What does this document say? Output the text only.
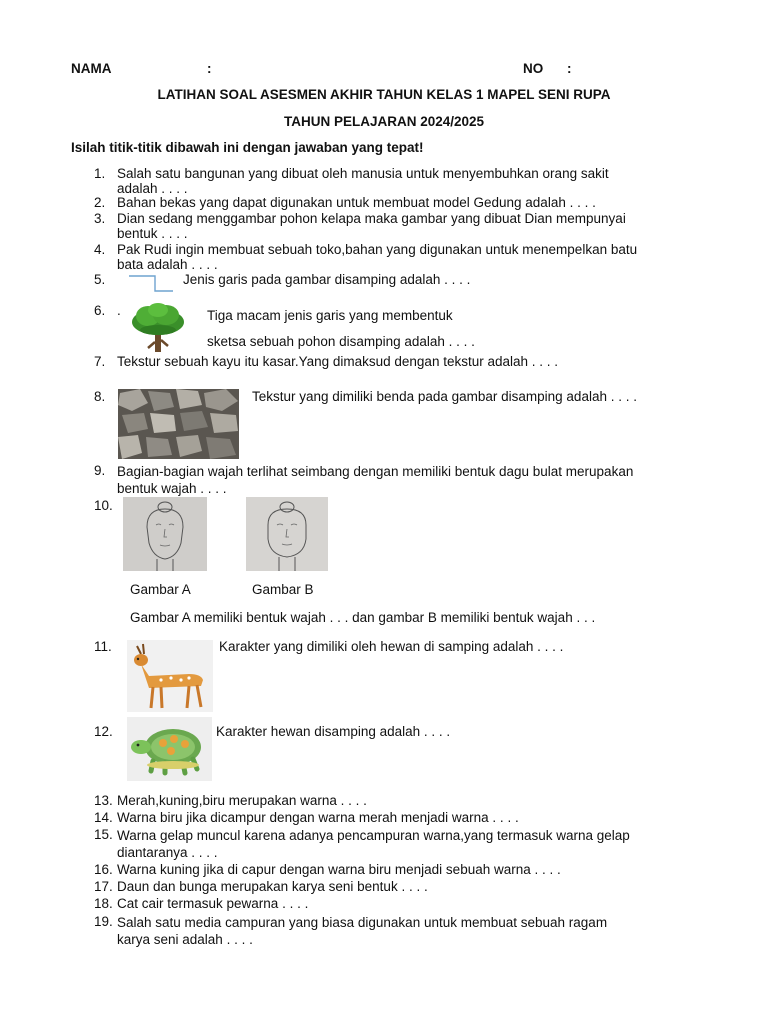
NAMA	:	NO :
LATIHAN SOAL ASESMEN AKHIR TAHUN KELAS 1 MAPEL SENI RUPA
TAHUN PELAJARAN 2024/2025
Isilah titik-titik dibawah ini dengan jawaban yang tepat!
1. Salah satu bangunan yang dibuat oleh manusia untuk menyembuhkan orang sakit
adalah . . . .
2. Bahan bekas yang dapat digunakan untuk membuat model Gedung adalah . . . .
3. Dian sedang menggambar pohon kelapa maka gambar yang dibuat Dian mempunyai
bentuk . . . .
4. Pak Rudi ingin membuat sebuah toko,bahan yang digunakan untuk menempelkan batu
bata adalah . . . .
5.	Jenis garis pada gambar disamping adalah . . . .
6. .	Tiga macam jenis garis yang membentuk
sketsa sebuah pohon disamping adalah . . . .
7. Tekstur sebuah kayu itu kasar.Yang dimaksud dengan tekstur adalah . . . .
8.	Tekstur yang dimiliki benda pada gambar disamping adalah . . . .
9. Bagian-bagian wajah terlihat seimbang dengan memiliki bentuk dagu bulat merupakan
bentuk wajah . . . .
10.
Gambar A	Gambar B
Gambar A memiliki bentuk wajah . . . dan gambar B memiliki bentuk wajah . . .
11.	Karakter yang dimiliki oleh hewan di samping adalah . . . .
12.	Karakter hewan disamping adalah . . . .
13. Merah,kuning,biru merupakan warna . . . .
14. Warna biru jika dicampur dengan warna merah menjadi warna . . . .
15. Warna gelap muncul karena adanya pencampuran warna,yang termasuk warna gelap
diantaranya . . . .
16. Warna kuning jika di capur dengan warna biru menjadi sebuah warna . . . .
17. Daun dan bunga merupakan karya seni bentuk . . . .
18. Cat cair termasuk pewarna . . . .
19. Salah satu media campuran yang biasa digunakan untuk membuat sebuah ragam
karya seni adalah . . . .
